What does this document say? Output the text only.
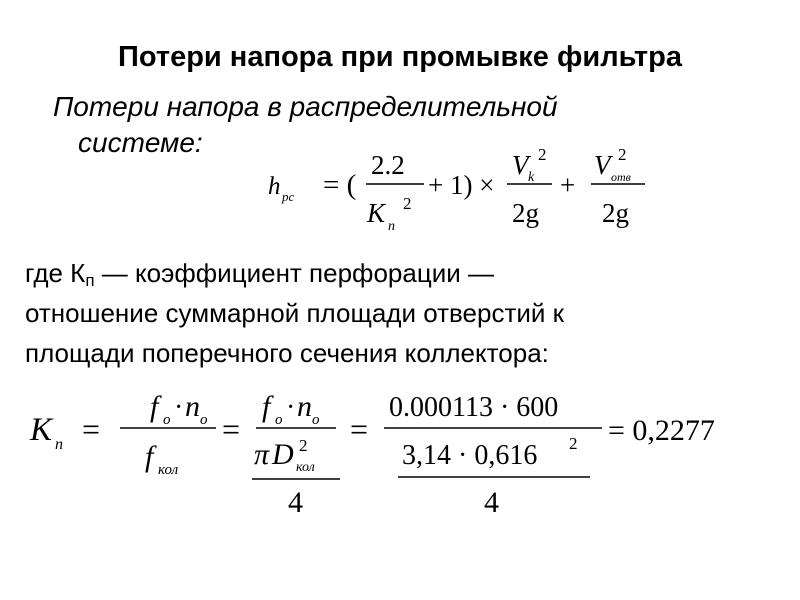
Потери напора при промывке фильтра
Потери напора в распределительной
системе:
h рс = (
2.2
K п
2
+ 1) ×
V k
2
2g
+
V отв
2
2g
где $К_п$ — коэффициент перфорации —
отношение суммарной площади отверстий к
площади поперечного сечения коллектора:
K п =
f о · n о
f кол
=
f о · n о
π D кол
2
4
=
0.000113 · 600
3,14 · 0,616 2
4
= 0,2277
